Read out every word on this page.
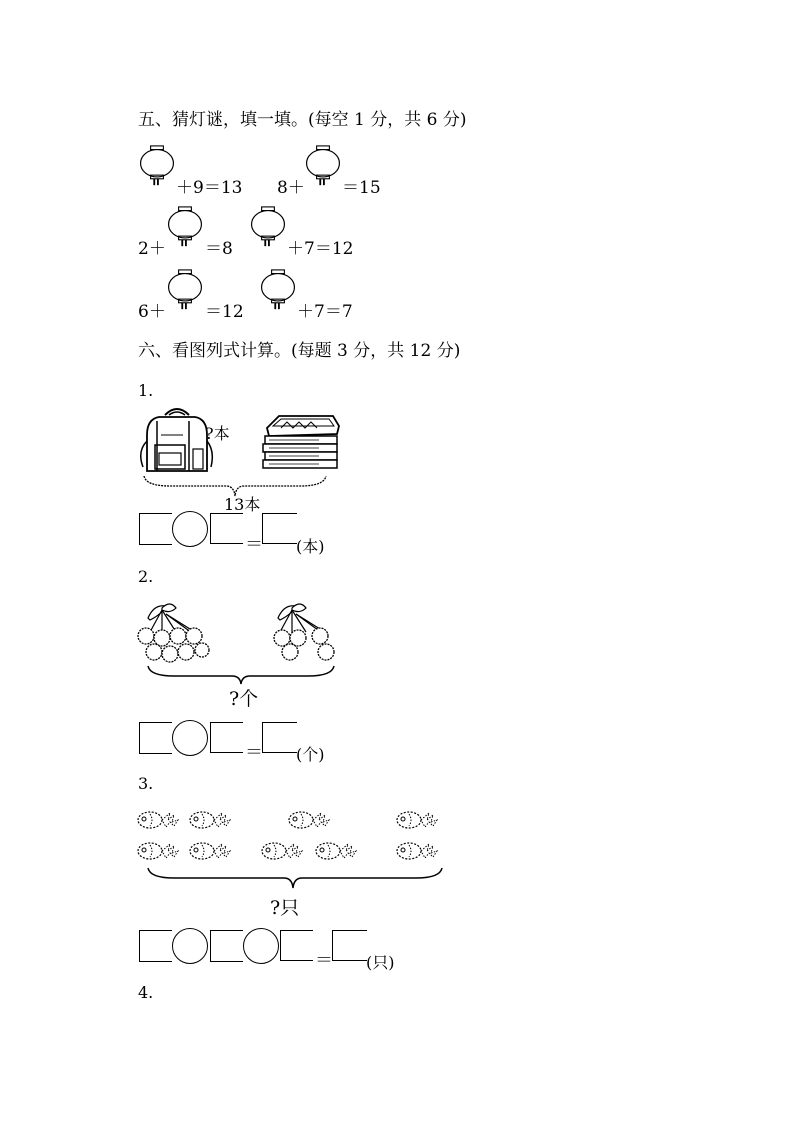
五、猜灯谜，填一填。(每空 1 分，共 6 分)
＋9＝13 8＋ ＝15
2＋ ＝8	＋7＝12
6＋ ＝12	＋7＝7
六、看图列式计算。(每题 3 分，共 12 分)
1.
?本
13本
＝ (本)
2.
?个
＝ (个)
3.
?只
＝ (只)
4.
